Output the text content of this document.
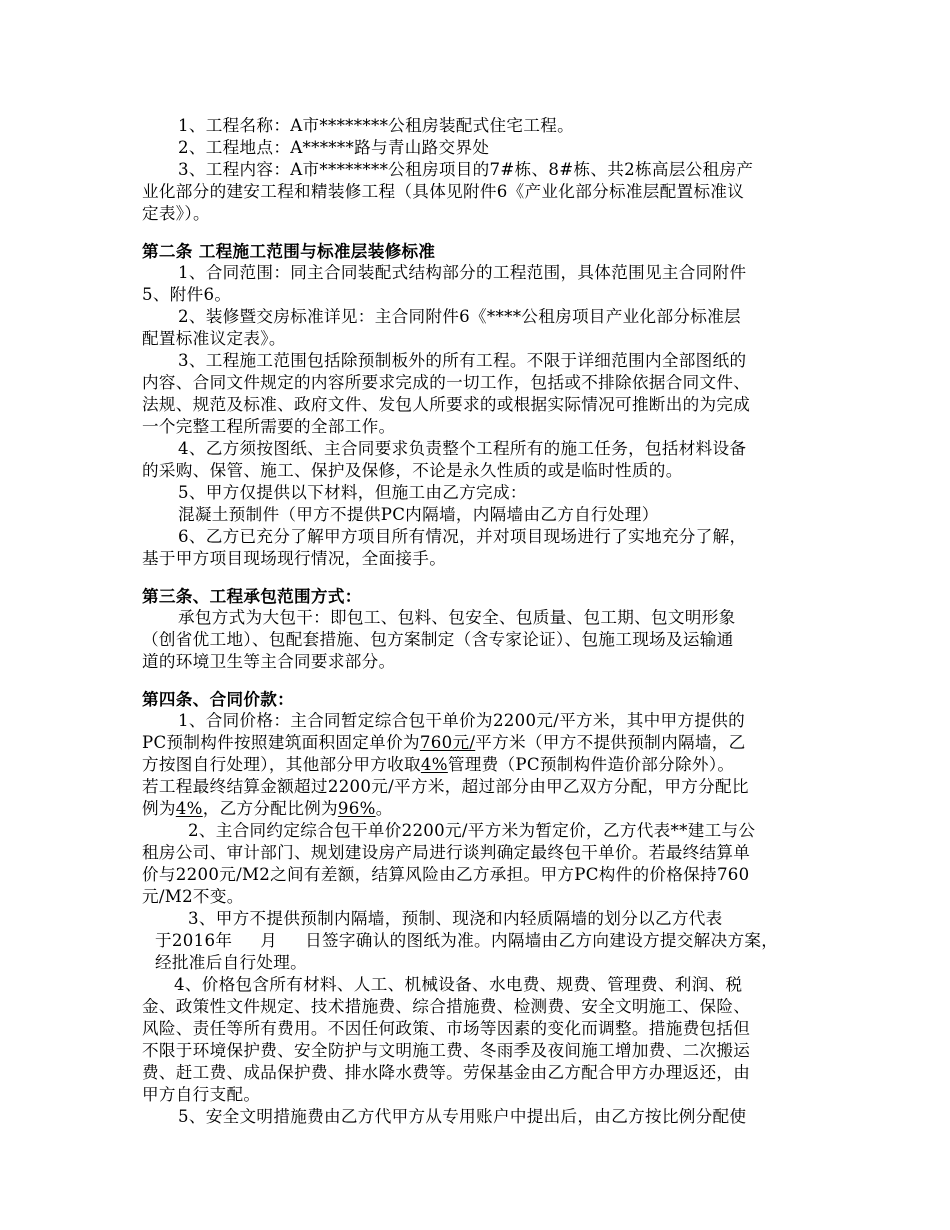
1、工程名称：A市********公租房装配式住宅工程。
2、工程地点：A******路与青山路交界处
3、工程内容：A市********公租房项目的7#栋、8#栋、共2栋高层公租房产
业化部分的建安工程和精装修工程（具体见附件6《产业化部分标准层配置标准议
定表》）。
第二条 工程施工范围与标准层装修标准
1、合同范围：同主合同装配式结构部分的工程范围，具体范围见主合同附件
5、附件6。
2、装修暨交房标准详见：主合同附件6《****公租房项目产业化部分标准层
配置标准议定表》。
3、工程施工范围包括除预制板外的所有工程。不限于详细范围内全部图纸的
内容、合同文件规定的内容所要求完成的一切工作，包括或不排除依据合同文件、
法规、规范及标准、政府文件、发包人所要求的或根据实际情况可推断出的为完成
一个完整工程所需要的全部工作。
4、乙方须按图纸、主合同要求负责整个工程所有的施工任务，包括材料设备
的采购、保管、施工、保护及保修，不论是永久性质的或是临时性质的。
5、甲方仅提供以下材料，但施工由乙方完成：
混凝土预制件（甲方不提供PC内隔墙，内隔墙由乙方自行处理）
6、乙方已充分了解甲方项目所有情况，并对项目现场进行了实地充分了解，
基于甲方项目现场现行情况，全面接手。
第三条、工程承包范围方式：
承包方式为大包干：即包工、包料、包安全、包质量、包工期、包文明形象
（创省优工地）、包配套措施、包方案制定（含专家论证）、包施工现场及运输通
道的环境卫生等主合同要求部分。
第四条、合同价款：
1、合同价格：主合同暂定综合包干单价为2200元/平方米，其中甲方提供的
PC预制构件按照建筑面积固定单价为760元/平方米（甲方不提供预制内隔墙，乙
方按图自行处理），其他部分甲方收取4%管理费（PC预制构件造价部分除外）。
若工程最终结算金额超过2200元/平方米，超过部分由甲乙双方分配，甲方分配比
例为4%，乙方分配比例为96%。
2、主合同约定综合包干单价2200元/平方米为暂定价，乙方代表**建工与公
租房公司、审计部门、规划建设房产局进行谈判确定最终包干单价。若最终结算单
价与2200元/M2之间有差额，结算风险由乙方承担。甲方PC构件的价格保持760
元/M2不变。
3、甲方不提供预制内隔墙，预制、现浇和内轻质隔墙的划分以乙方代表
于2016年 月 日签字确认的图纸为准。内隔墙由乙方向建设方提交解决方案，
经批准后自行处理。
4、价格包含所有材料、人工、机械设备、水电费、规费、管理费、利润、税
金、政策性文件规定、技术措施费、综合措施费、检测费、安全文明施工、保险、
风险、责任等所有费用。不因任何政策、市场等因素的变化而调整。措施费包括但
不限于环境保护费、安全防护与文明施工费、冬雨季及夜间施工增加费、二次搬运
费、赶工费、成品保护费、排水降水费等。劳保基金由乙方配合甲方办理返还，由
甲方自行支配。
5、安全文明措施费由乙方代甲方从专用账户中提出后，由乙方按比例分配使
